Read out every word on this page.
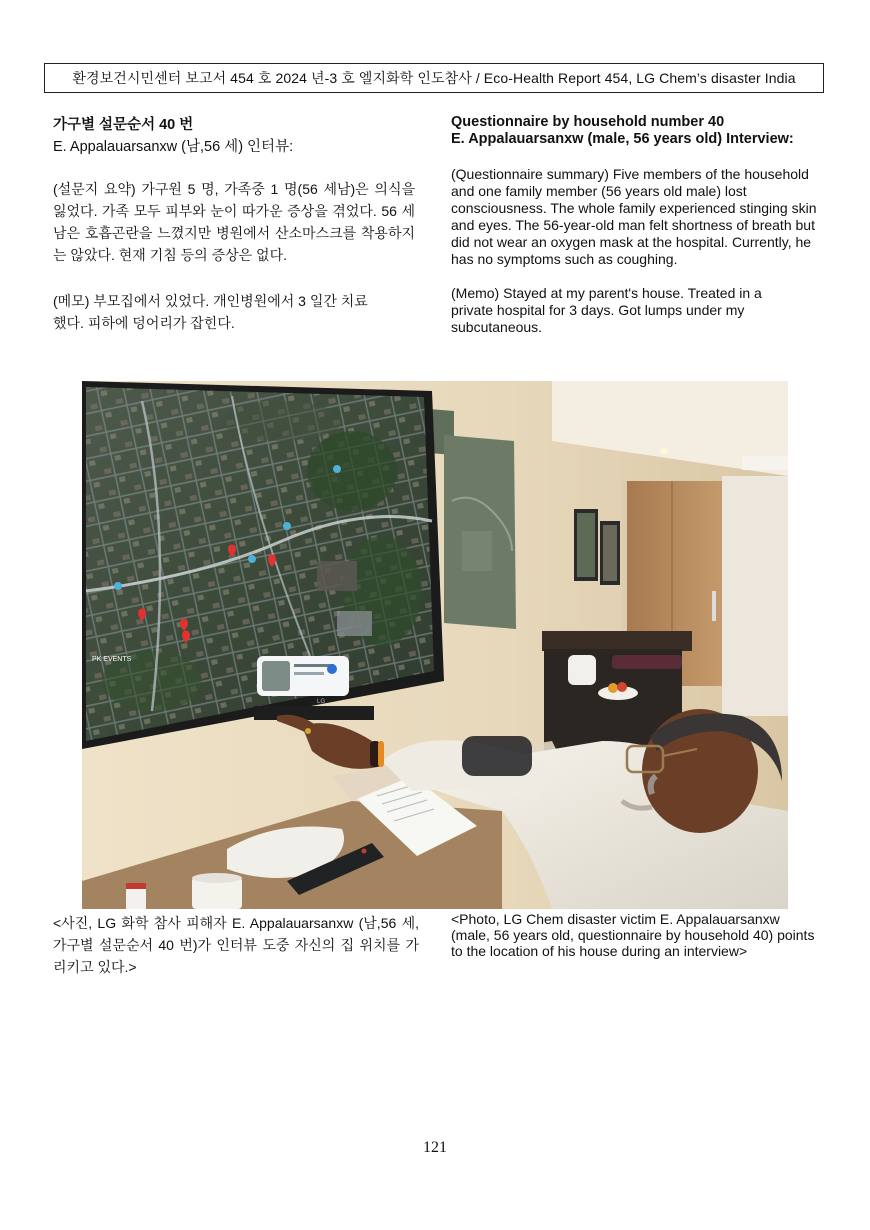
환경보건시민센터 보고서 454 호 2024 년-3 호 엘지화학 인도참사 / Eco-Health Report 454, LG Chem’s disaster India

가구별 설문순서 40 번

E. Appalauarsanxw (남,56 세) 인터뷰:

(설문지 요약) 가구원 5 명, 가족중 1 명(56 세남)은 의식을 잃었다. 가족 모두 피부와 눈이 따가운 증상을 겪었다. 56 세남은 호흡곤란을 느꼈지만 병원에서 산소마스크를 착용하지는 않았다. 현재 기침 등의 증상은 없다.

(메모) 부모집에서 있었다. 개인병원에서 3 일간 치료했다. 피하에 덩어리가 잡힌다.

Questionnaire by household number 40

E. Appalauarsanxw (male, 56 years old) Interview:

(Questionnaire summary) Five members of the household and one family member (56 years old male) lost consciousness. The whole family experienced stinging skin and eyes. The 56-year-old man felt shortness of breath but did not wear an oxygen mask at the hospital. Currently, he has no symptoms such as coughing.

(Memo) Stayed at my parent's house. Treated in a private hospital for 3 days. Got lumps under my subcutaneous.

PK EVENTS
LG
<사진, LG 화학 참사 피해자 E. Appalauarsanxw (남,56 세, 가구별 설문순서 40 번)가 인터뷰 도중 자신의 집 위치를 가리키고 있다.>
<Photo, LG Chem disaster victim E. Appalauarsanxw (male, 56 years old, questionnaire by household 40) points to the location of his house during an interview>
121
